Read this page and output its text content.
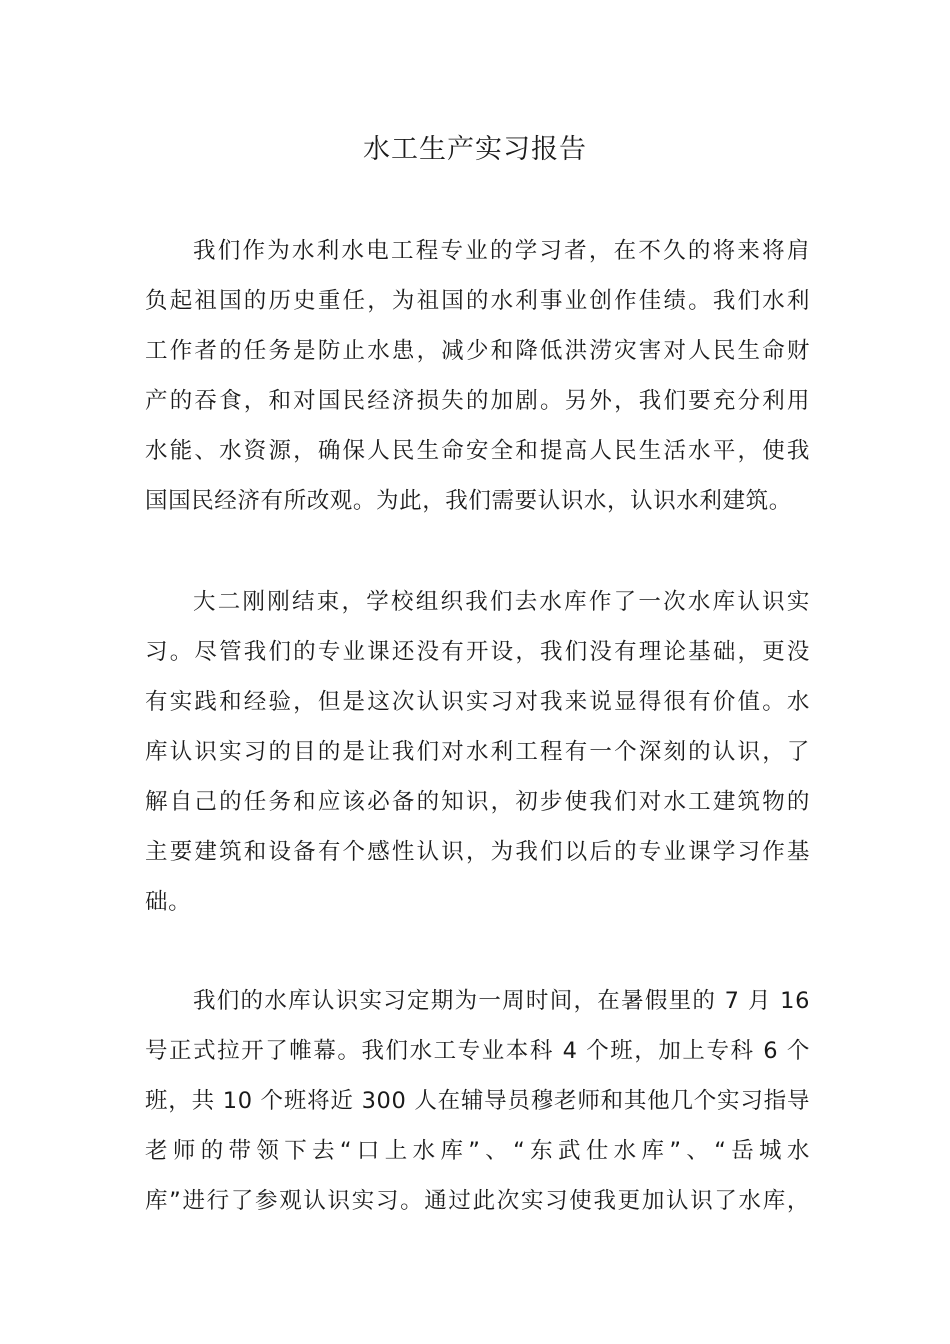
水工生产实习报告
我们作为水利水电工程专业的学习者，在不久的将来将肩
负起祖国的历史重任，为祖国的水利事业创作佳绩。我们水利
工作者的任务是防止水患，减少和降低洪涝灾害对人民生命财
产的吞食，和对国民经济损失的加剧。另外，我们要充分利用
水能、水资源，确保人民生命安全和提高人民生活水平，使我
国国民经济有所改观。为此，我们需要认识水，认识水利建筑。
大二刚刚结束，学校组织我们去水库作了一次水库认识实
习。尽管我们的专业课还没有开设，我们没有理论基础，更没
有实践和经验，但是这次认识实习对我来说显得很有价值。水
库认识实习的目的是让我们对水利工程有一个深刻的认识，了
解自己的任务和应该必备的知识，初步使我们对水工建筑物的
主要建筑和设备有个感性认识，为我们以后的专业课学习作基
础。
我们的水库认识实习定期为一周时间，在暑假里的 7 月 16
号正式拉开了帷幕。我们水工专业本科 4 个班，加上专科 6 个
班，共 10 个班将近 300 人在辅导员穆老师和其他几个实习指导
老师的带领下去“口上水库”、“东武仕水库”、“岳城水
库”进行了参观认识实习。通过此次实习使我更加认识了水库，
